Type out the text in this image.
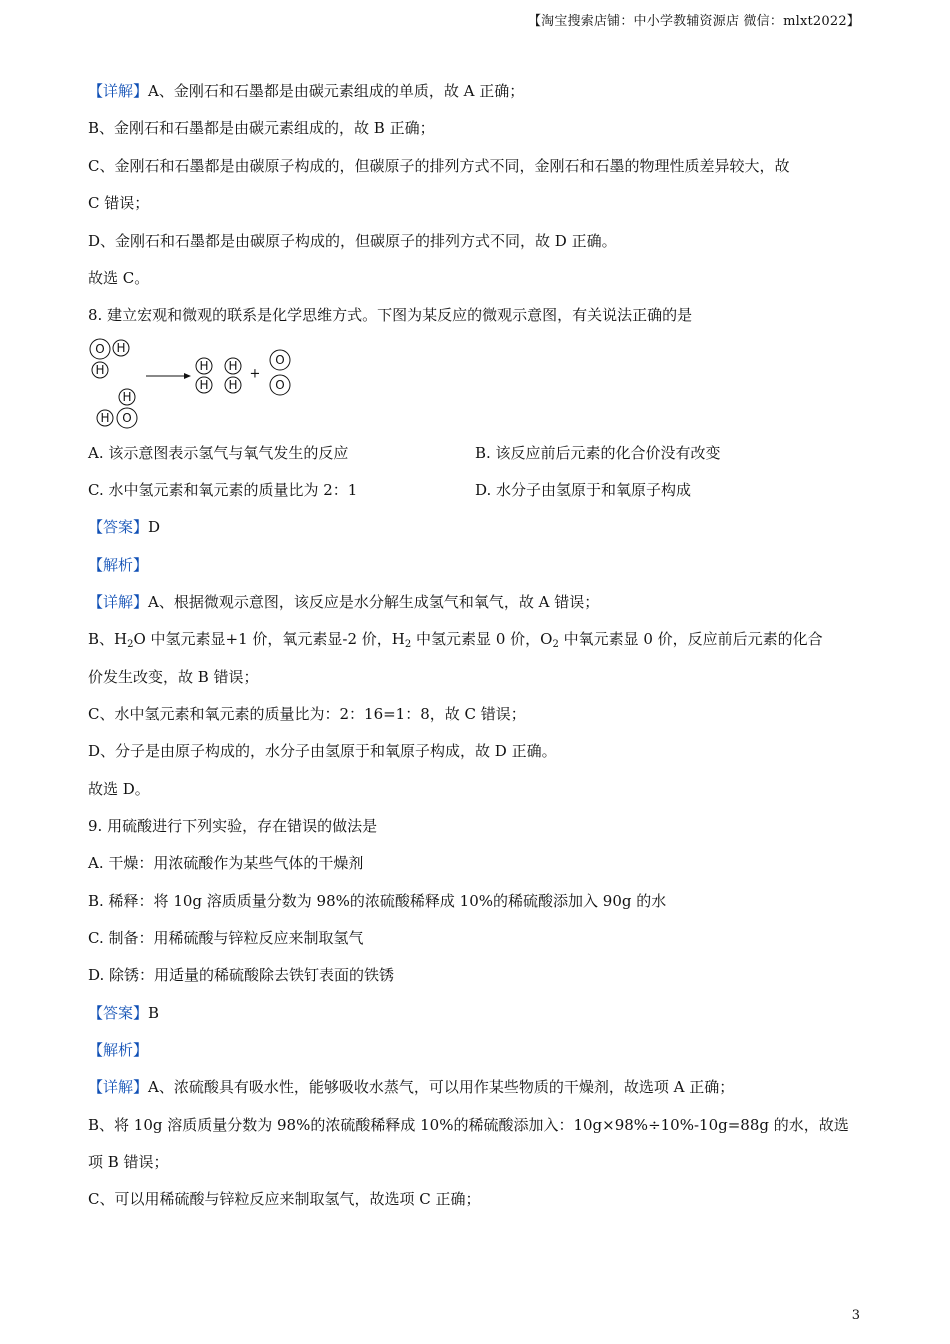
【淘宝搜索店铺：中小学教辅资源店 微信：mlxt2022】
【详解】A、金刚石和石墨都是由碳元素组成的单质，故 A 正确；
B、金刚石和石墨都是由碳元素组成的，故 B 正确；
C、金刚石和石墨都是由碳原子构成的，但碳原子的排列方式不同，金刚石和石墨的物理性质差异较大，故
C 错误；
D、金刚石和石墨都是由碳原子构成的，但碳原子的排列方式不同，故 D 正确。
故选 C。
8. 建立宏观和微观的联系是化学思维方式。下图为某反应的微观示意图，有关说法正确的是
O H
H
H
H O
H
H
H
H
O
O
+
A. 该示意图表示氢气与氧气发生的反应	B. 该反应前后元素的化合价没有改变
C. 水中氢元素和氧元素的质量比为 2：1	D. 水分子由氢原于和氧原子构成
【答案】D
【解析】
【详解】A、根据微观示意图，该反应是水分解生成氢气和氧气，故 A 错误；
B、$H_2O$ 中氢元素显+1 价，氧元素显-2 价，$H_2$ 中氢元素显 0 价，$O_2$ 中氧元素显 0 价，反应前后元素的化合
价发生改变，故 B 错误；
C、水中氢元素和氧元素的质量比为：2：16=1：8，故 C 错误；
D、分子是由原子构成的，水分子由氢原于和氧原子构成，故 D 正确。
故选 D。
9. 用硫酸进行下列实验，存在错误的做法是
A. 干燥：用浓硫酸作为某些气体的干燥剂
B. 稀释：将 10g 溶质质量分数为 98%的浓硫酸稀释成 10%的稀硫酸添加入 90g 的水
C. 制备：用稀硫酸与锌粒反应来制取氢气
D. 除锈：用适量的稀硫酸除去铁钉表面的铁锈
【答案】B
【解析】
【详解】A、浓硫酸具有吸水性，能够吸收水蒸气，可以用作某些物质的干燥剂，故选项 A 正确；
B、将 10g 溶质质量分数为 98%的浓硫酸稀释成 10%的稀硫酸添加入：10g×98%÷10%-10g=88g 的水，故选
项 B 错误；
C、可以用稀硫酸与锌粒反应来制取氢气，故选项 C 正确；
3
